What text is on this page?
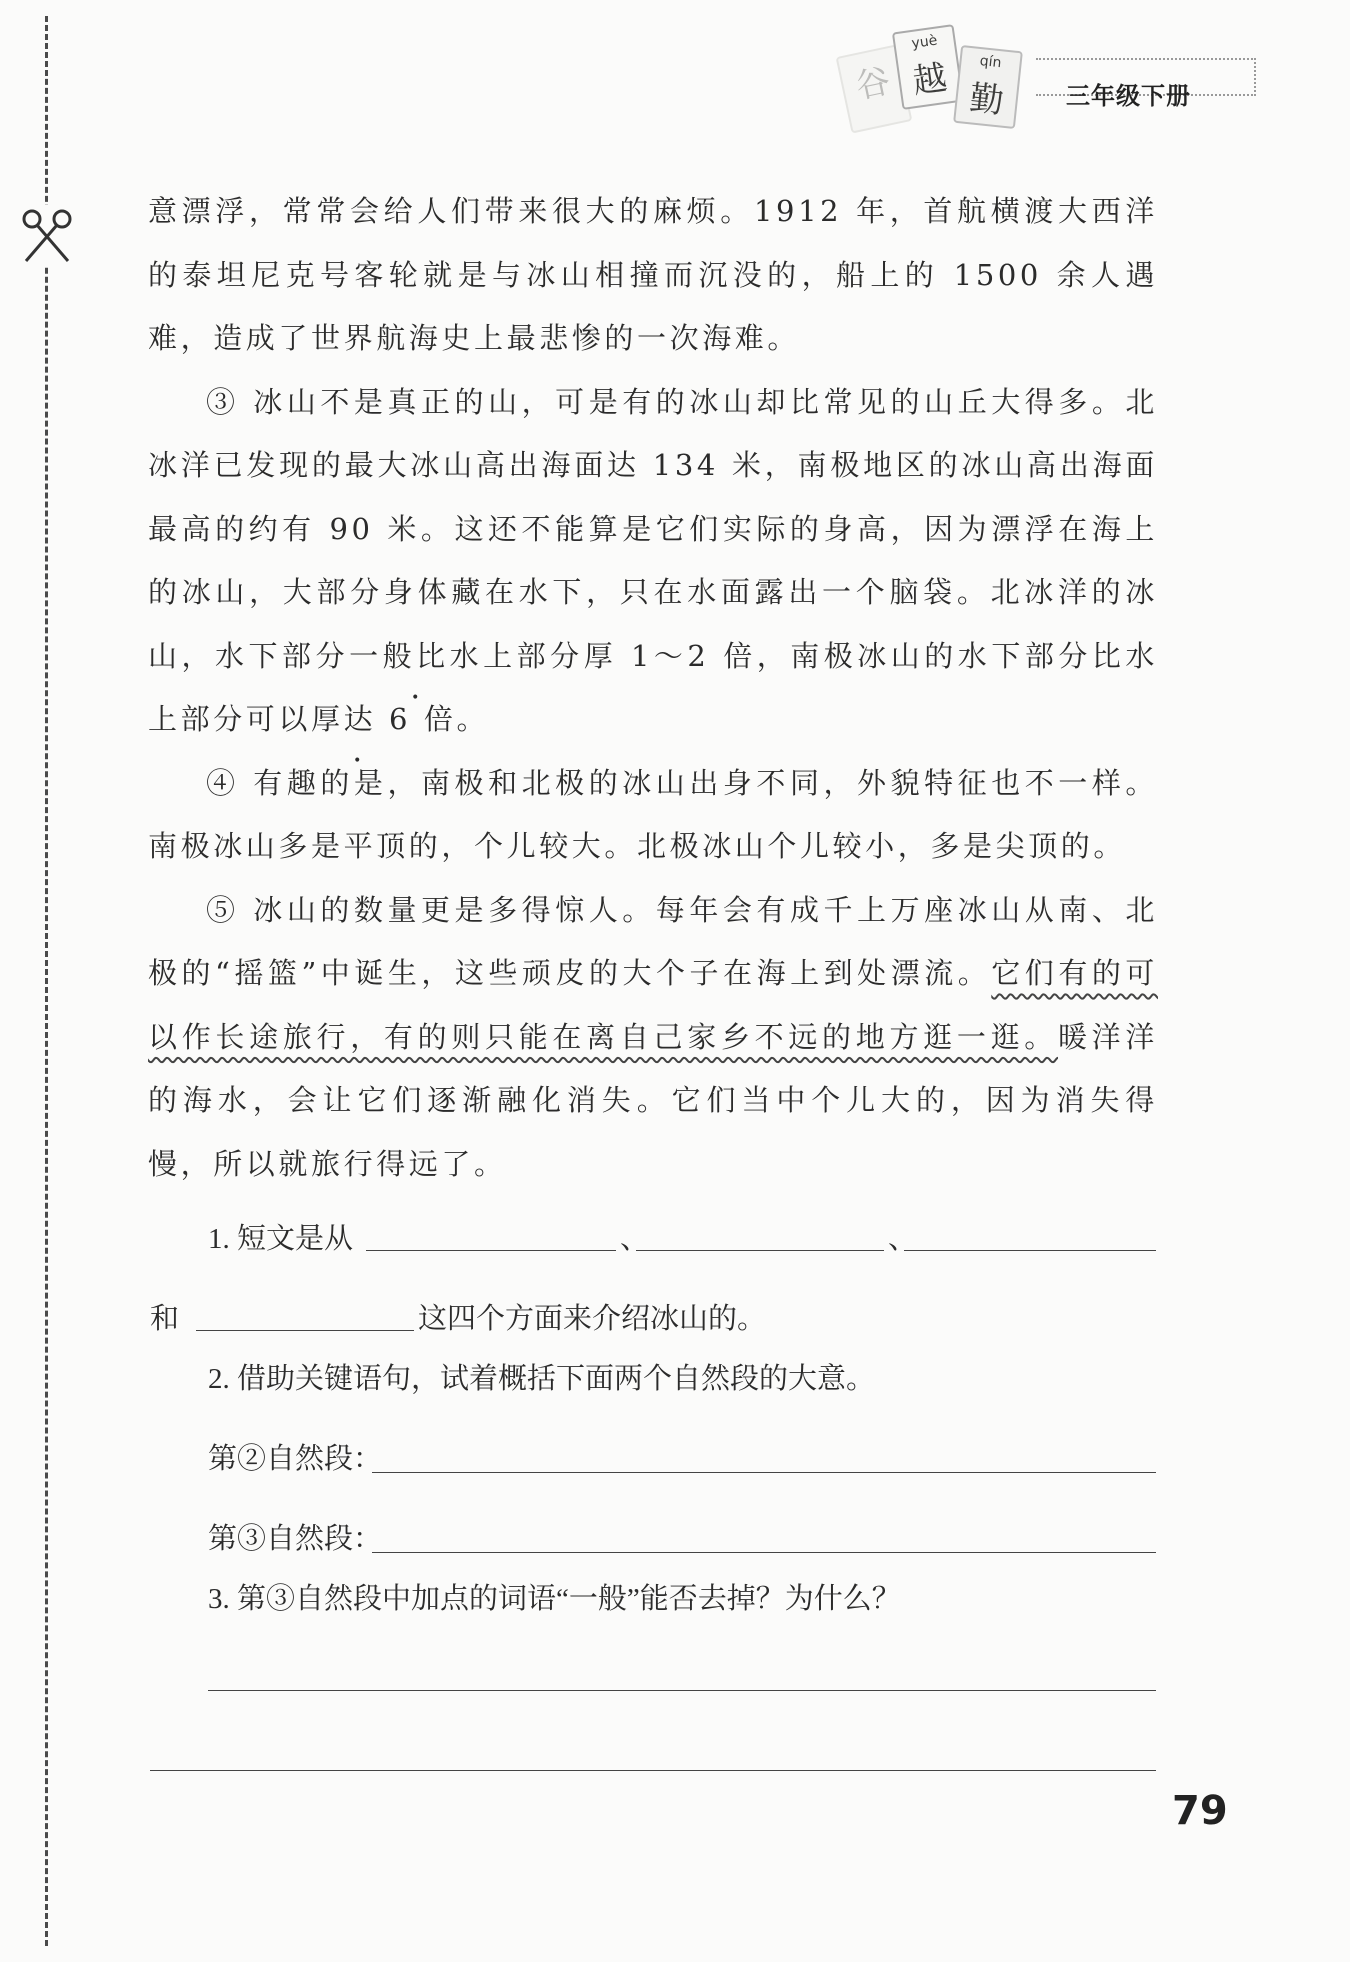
谷
yuè
越	qín
勤	三年级下册

意漂浮，常常会给人们带来很大的麻烦。1912 年，首航横渡大西洋的泰坦尼克号客轮就是与冰山相撞而沉没的，船上的 1500 余人遇难，造成了世界航海史上最悲惨的一次海难。

③ 冰山不是真正的山，可是有的冰山却比常见的山丘大得多。北冰洋已发现的最大冰山高出海面达 134 米，南极地区的冰山高出海面最高的约有 90 米。这还不能算是它们实际的身高，因为漂浮在海上的冰山，大部分身体藏在水下，只在水面露出一个脑袋。北冰洋的冰山，水下部分一般 • •比水上部分厚 1～2 倍，南极冰山的水下部分比水上部分可以厚达 6 倍。

④ 有趣的是，南极和北极的冰山出身不同，外貌特征也不一样。南极冰山多是平顶的，个儿较大。北极冰山个儿较小，多是尖顶的。

⑤ 冰山的数量更是多得惊人。每年会有成千上万座冰山从南、北极的“摇篮”中诞生，这些顽皮的大个子在海上到处漂流。它们有的可以作长途旅行，有的则只能在离自己家乡不远的地方逛一逛。暖洋洋的海水，会让它们逐渐融化消失。它们当中个儿大的，因为消失得慢，所以就旅行得远了。

1. 短文是从	、	、
和	这四个方面来介绍冰山的。
2. 借助关键语句，试着概括下面两个自然段的大意。
第②自然段：
第③自然段：
3. 第③自然段中加点的词语“一般”能否去掉？为什么？
79
